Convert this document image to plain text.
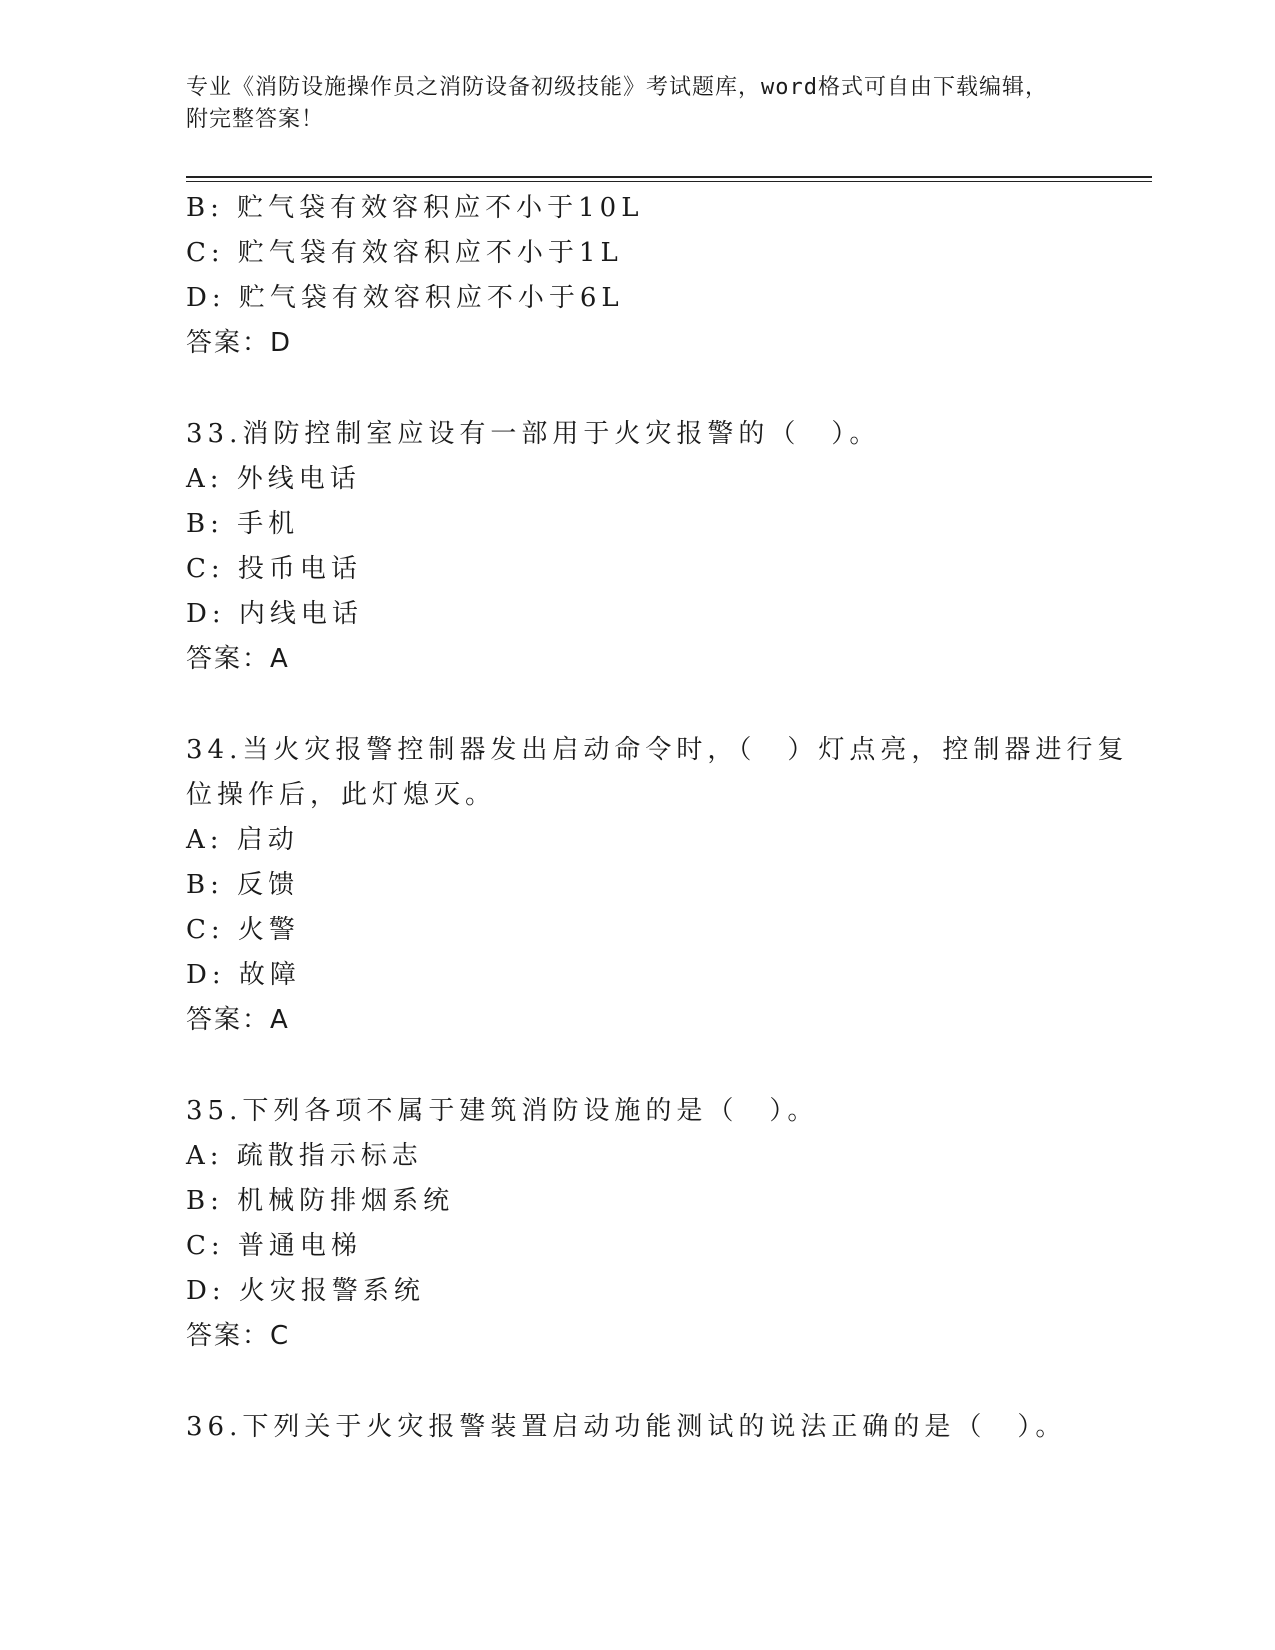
专业《消防设施操作员之消防设备初级技能》考试题库，word格式可自由下载编辑，附完整答案！
B: 贮气袋有效容积应不小于10L
C: 贮气袋有效容积应不小于1L
D: 贮气袋有效容积应不小于6L
答案：D
33.消防控制室应设有一部用于火灾报警的（　）。
A: 外线电话
B: 手机
C: 投币电话
D: 内线电话
答案：A
34.当火灾报警控制器发出启动命令时，（　）灯点亮，控制器进行复
位操作后，此灯熄灭。
A: 启动
B: 反馈
C: 火警
D: 故障
答案：A
35.下列各项不属于建筑消防设施的是（　）。
A: 疏散指示标志
B: 机械防排烟系统
C: 普通电梯
D: 火灾报警系统
答案：C
36.下列关于火灾报警装置启动功能测试的说法正确的是（　）。
